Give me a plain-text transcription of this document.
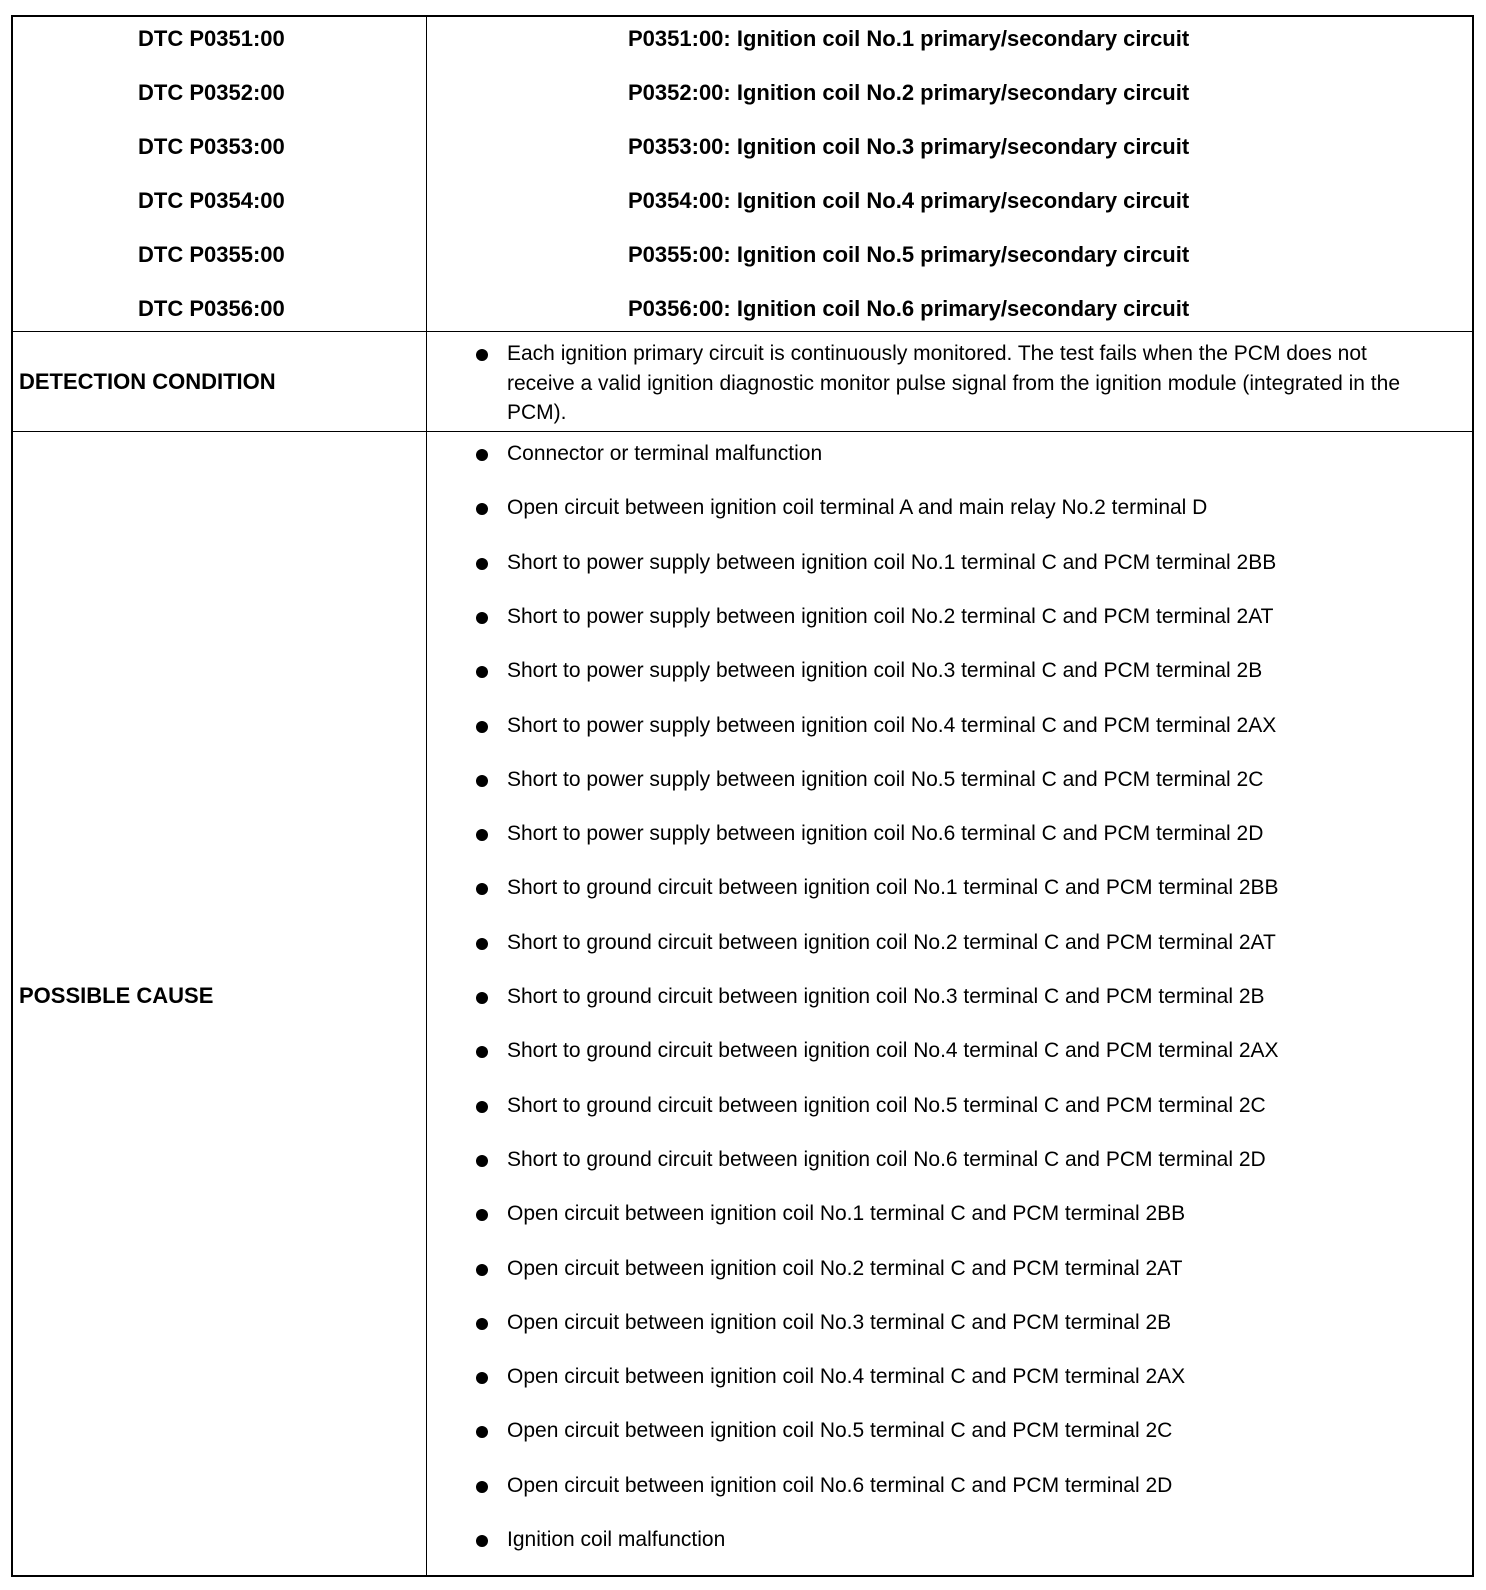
DTC P0351:00
DTC P0352:00
DTC P0353:00
DTC P0354:00
DTC P0355:00
DTC P0356:00
P0351:00: Ignition coil No.1 primary/secondary circuit
P0352:00: Ignition coil No.2 primary/secondary circuit
P0353:00: Ignition coil No.3 primary/secondary circuit
P0354:00: Ignition coil No.4 primary/secondary circuit
P0355:00: Ignition coil No.5 primary/secondary circuit
P0356:00: Ignition coil No.6 primary/secondary circuit
DETECTION CONDITION
Each ignition primary circuit is continuously monitored. The test fails when the PCM does not receive a valid ignition diagnostic monitor pulse signal from the ignition module (integrated in the PCM).
POSSIBLE CAUSE
Connector or terminal malfunction
Open circuit between ignition coil terminal A and main relay No.2 terminal D
Short to power supply between ignition coil No.1 terminal C and PCM terminal 2BB
Short to power supply between ignition coil No.2 terminal C and PCM terminal 2AT
Short to power supply between ignition coil No.3 terminal C and PCM terminal 2B
Short to power supply between ignition coil No.4 terminal C and PCM terminal 2AX
Short to power supply between ignition coil No.5 terminal C and PCM terminal 2C
Short to power supply between ignition coil No.6 terminal C and PCM terminal 2D
Short to ground circuit between ignition coil No.1 terminal C and PCM terminal 2BB
Short to ground circuit between ignition coil No.2 terminal C and PCM terminal 2AT
Short to ground circuit between ignition coil No.3 terminal C and PCM terminal 2B
Short to ground circuit between ignition coil No.4 terminal C and PCM terminal 2AX
Short to ground circuit between ignition coil No.5 terminal C and PCM terminal 2C
Short to ground circuit between ignition coil No.6 terminal C and PCM terminal 2D
Open circuit between ignition coil No.1 terminal C and PCM terminal 2BB
Open circuit between ignition coil No.2 terminal C and PCM terminal 2AT
Open circuit between ignition coil No.3 terminal C and PCM terminal 2B
Open circuit between ignition coil No.4 terminal C and PCM terminal 2AX
Open circuit between ignition coil No.5 terminal C and PCM terminal 2C
Open circuit between ignition coil No.6 terminal C and PCM terminal 2D
Ignition coil malfunction
